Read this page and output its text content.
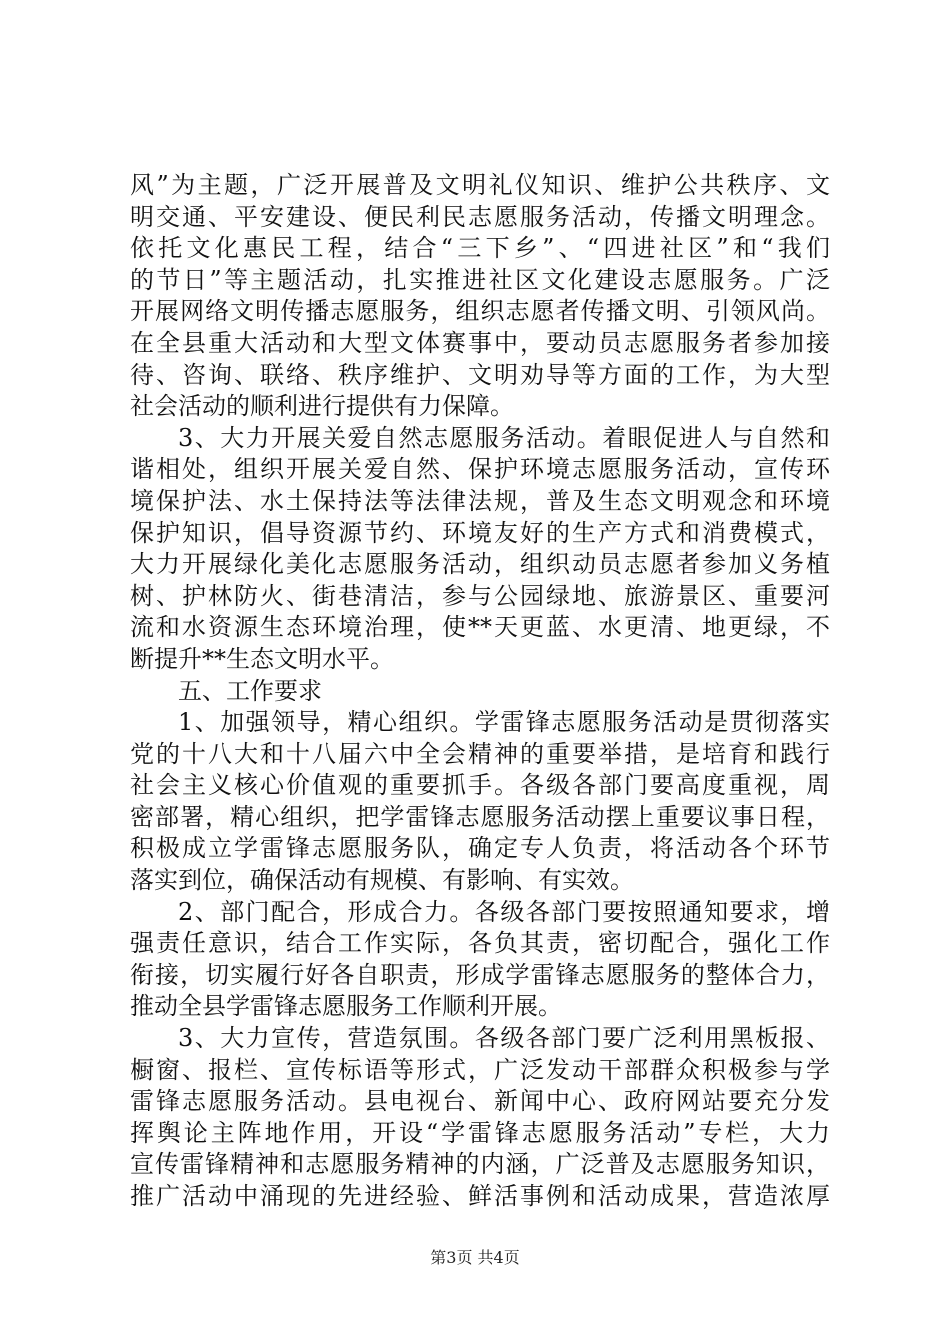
风”为主题，广泛开展普及文明礼仪知识、维护公共秩序、文
明交通、平安建设、便民利民志愿服务活动，传播文明理念。
依托文化惠民工程，结合“三下乡”、“四进社区”和“我们
的节日”等主题活动，扎实推进社区文化建设志愿服务。广泛
开展网络文明传播志愿服务，组织志愿者传播文明、引领风尚。
在全县重大活动和大型文体赛事中，要动员志愿服务者参加接
待、咨询、联络、秩序维护、文明劝导等方面的工作，为大型
社会活动的顺利进行提供有力保障。
3、大力开展关爱自然志愿服务活动。着眼促进人与自然和
谐相处，组织开展关爱自然、保护环境志愿服务活动，宣传环
境保护法、水土保持法等法律法规，普及生态文明观念和环境
保护知识，倡导资源节约、环境友好的生产方式和消费模式，
大力开展绿化美化志愿服务活动，组织动员志愿者参加义务植
树、护林防火、街巷清洁，参与公园绿地、旅游景区、重要河
流和水资源生态环境治理，使**天更蓝、水更清、地更绿，不
断提升**生态文明水平。
五、工作要求
1、加强领导，精心组织。学雷锋志愿服务活动是贯彻落实
党的十八大和十八届六中全会精神的重要举措，是培育和践行
社会主义核心价值观的重要抓手。各级各部门要高度重视，周
密部署，精心组织，把学雷锋志愿服务活动摆上重要议事日程，
积极成立学雷锋志愿服务队，确定专人负责，将活动各个环节
落实到位，确保活动有规模、有影响、有实效。
2、部门配合，形成合力。各级各部门要按照通知要求，增
强责任意识，结合工作实际，各负其责，密切配合，强化工作
衔接，切实履行好各自职责，形成学雷锋志愿服务的整体合力，
推动全县学雷锋志愿服务工作顺利开展。
3、大力宣传，营造氛围。各级各部门要广泛利用黑板报、
橱窗、报栏、宣传标语等形式，广泛发动干部群众积极参与学
雷锋志愿服务活动。县电视台、新闻中心、政府网站要充分发
挥舆论主阵地作用，开设“学雷锋志愿服务活动”专栏，大力
宣传雷锋精神和志愿服务精神的内涵，广泛普及志愿服务知识，
推广活动中涌现的先进经验、鲜活事例和活动成果，营造浓厚
第3页 共4页
